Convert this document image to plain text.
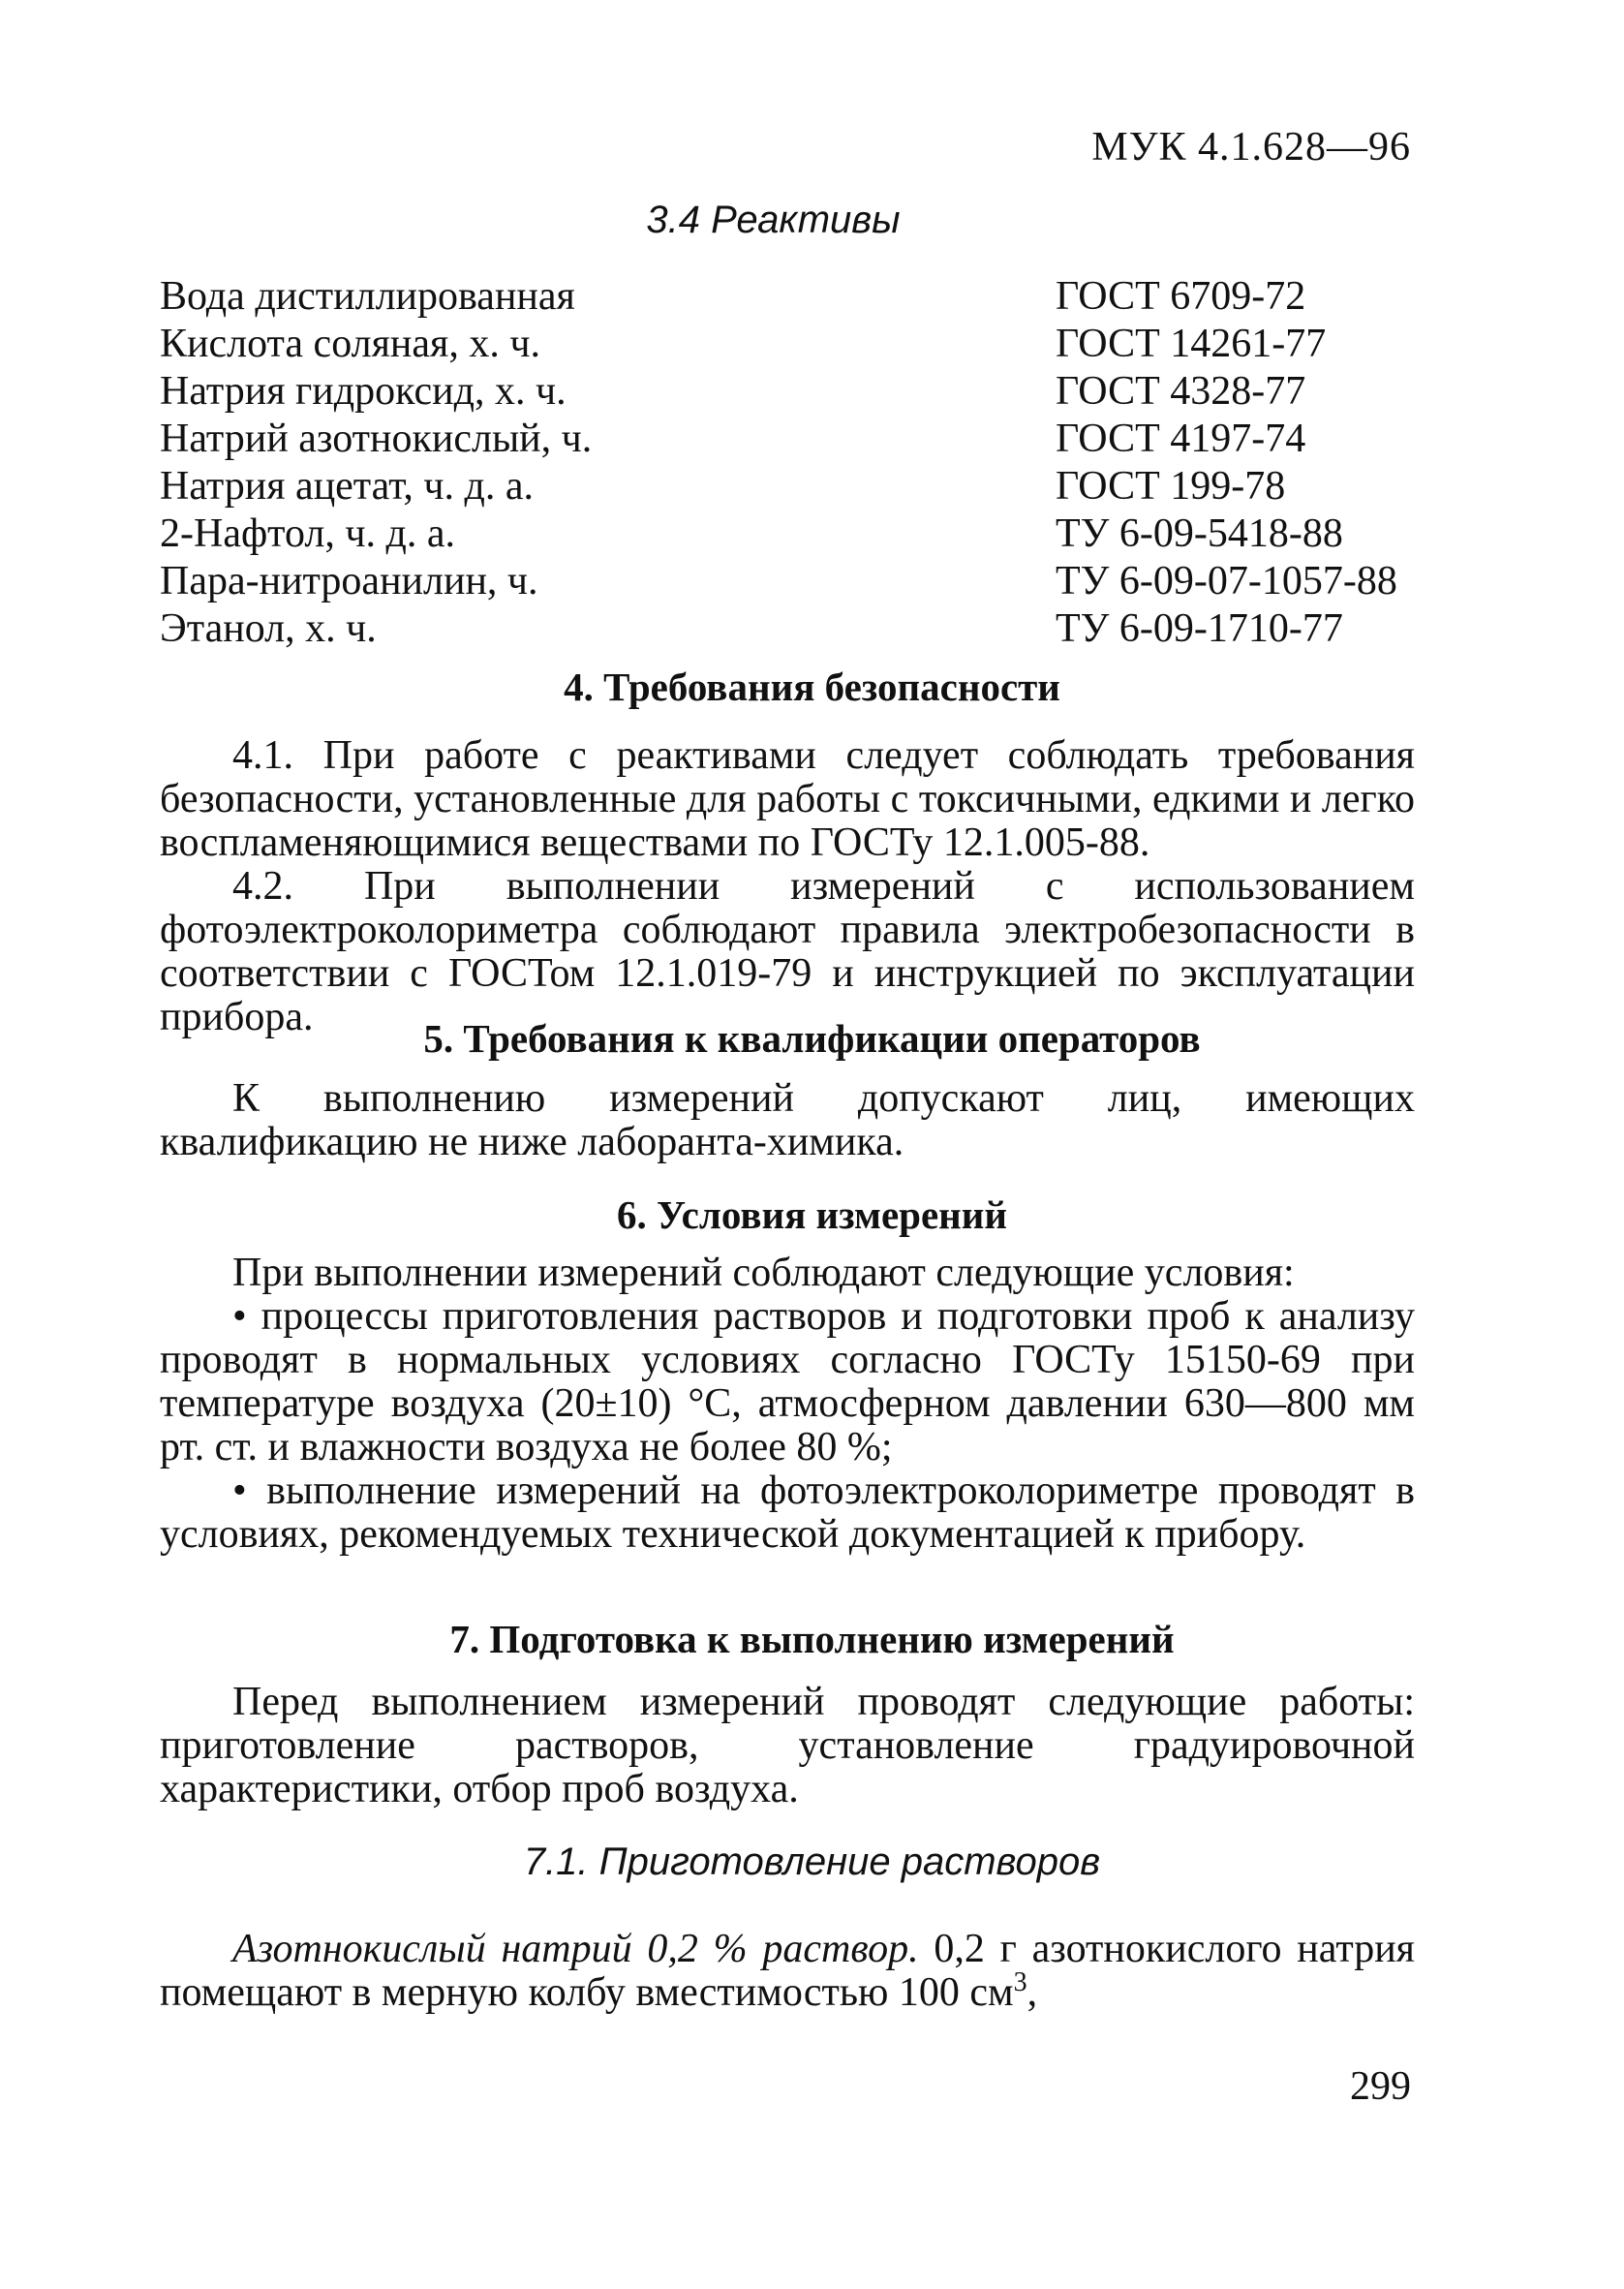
МУК 4.1.628—96
3.4 Реактивы
Вода дистиллированная	ГОСТ 6709-72
Кислота соляная, х. ч.	ГОСТ 14261-77
Натрия гидроксид, х. ч.	ГОСТ 4328-77
Натрий азотнокислый, ч.	ГОСТ 4197-74
Натрия ацетат, ч. д. а.	ГОСТ 199-78
2-Нафтол, ч. д. а.	ТУ 6-09-5418-88
Пара-нитроанилин, ч.	ТУ 6-09-07-1057-88
Этанол, х. ч.	ТУ 6-09-1710-77
4. Требования безопасности

4.1. При работе с реактивами следует соблюдать требования безопасности, установленные для работы с токсичными, едкими и легко воспламеняющимися веществами по ГОСТу 12.1.005-88.

4.2. При выполнении измерений с использованием фотоэлектроколориметра соблюдают правила электробезопасности в соответствии с ГОСТом 12.1.019-79 и инструкцией по эксплуатации прибора.	5. Требования к квалификации операторов

К выполнению измерений допускают лиц, имеющих квалификацию не ниже лаборанта-химика.

6. Условия измерений

При выполнении измерений соблюдают следующие условия:

• процессы приготовления растворов и подготовки проб к анализу проводят в нормальных условиях согласно ГОСТу 15150-69 при температуре воздуха (20±10) °С, атмосферном давлении 630—800 мм рт. ст. и влажности воздуха не более 80 %;

• выполнение измерений на фотоэлектроколориметре проводят в условиях, рекомендуемых технической документацией к прибору.

7. Подготовка к выполнению измерений

Перед выполнением измерений проводят следующие работы: приготовление растворов, установление градуировочной характеристики, отбор проб воздуха.

7.1. Приготовление растворов

Азотнокислый натрий 0,2 % раствор. 0,2 г азотнокислого натрия помещают в мерную колбу вместимостью 100 $см^3$,

299
